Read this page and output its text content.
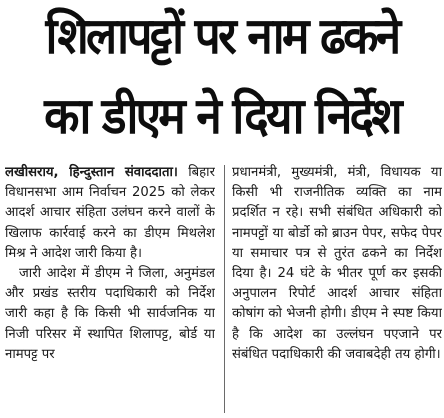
शिलापट्टों पर नाम ढकने
का डीएम ने दिया निर्देश

लखीसराय, हिन्दुस्तान संवाददाता। बिहार विधानसभा आम निर्वाचन 2025 को लेकर आदर्श आचार संहिता उलंघन करने वालों के खिलाफ कार्रवाई करने का डीएम मिथलेश मिश्र ने आदेश जारी किया है।

जारी आदेश में डीएम ने जिला, अनुमंडल और प्रखंड स्तरीय पदाधिकारी को निर्देश जारी कहा है कि किसी भी सार्वजनिक या निजी परिसर में स्थापित शिलापट्ट, बोर्ड या नामपट्ट पर

प्रधानमंत्री, मुख्यमंत्री, मंत्री, विधायक या किसी भी राजनीतिक व्यक्ति का नाम प्रदर्शित न रहे। सभी संबंधित अधिकारी को नामपट्टों या बोर्डो को ब्राउन पेपर, सफेद पेपर या समाचार पत्र से तुरंत ढकने का निर्देश दिया है। 24 घंटे के भीतर पूर्ण कर इसकी अनुपालन रिपोर्ट आदर्श आचार संहिता कोषांग को भेजनी होगी। डीएम ने स्पष्ट किया है कि आदेश का उल्लंघन पएजाने पर संबंधित पदाधिकारी की जवाबदेही तय होगी।
